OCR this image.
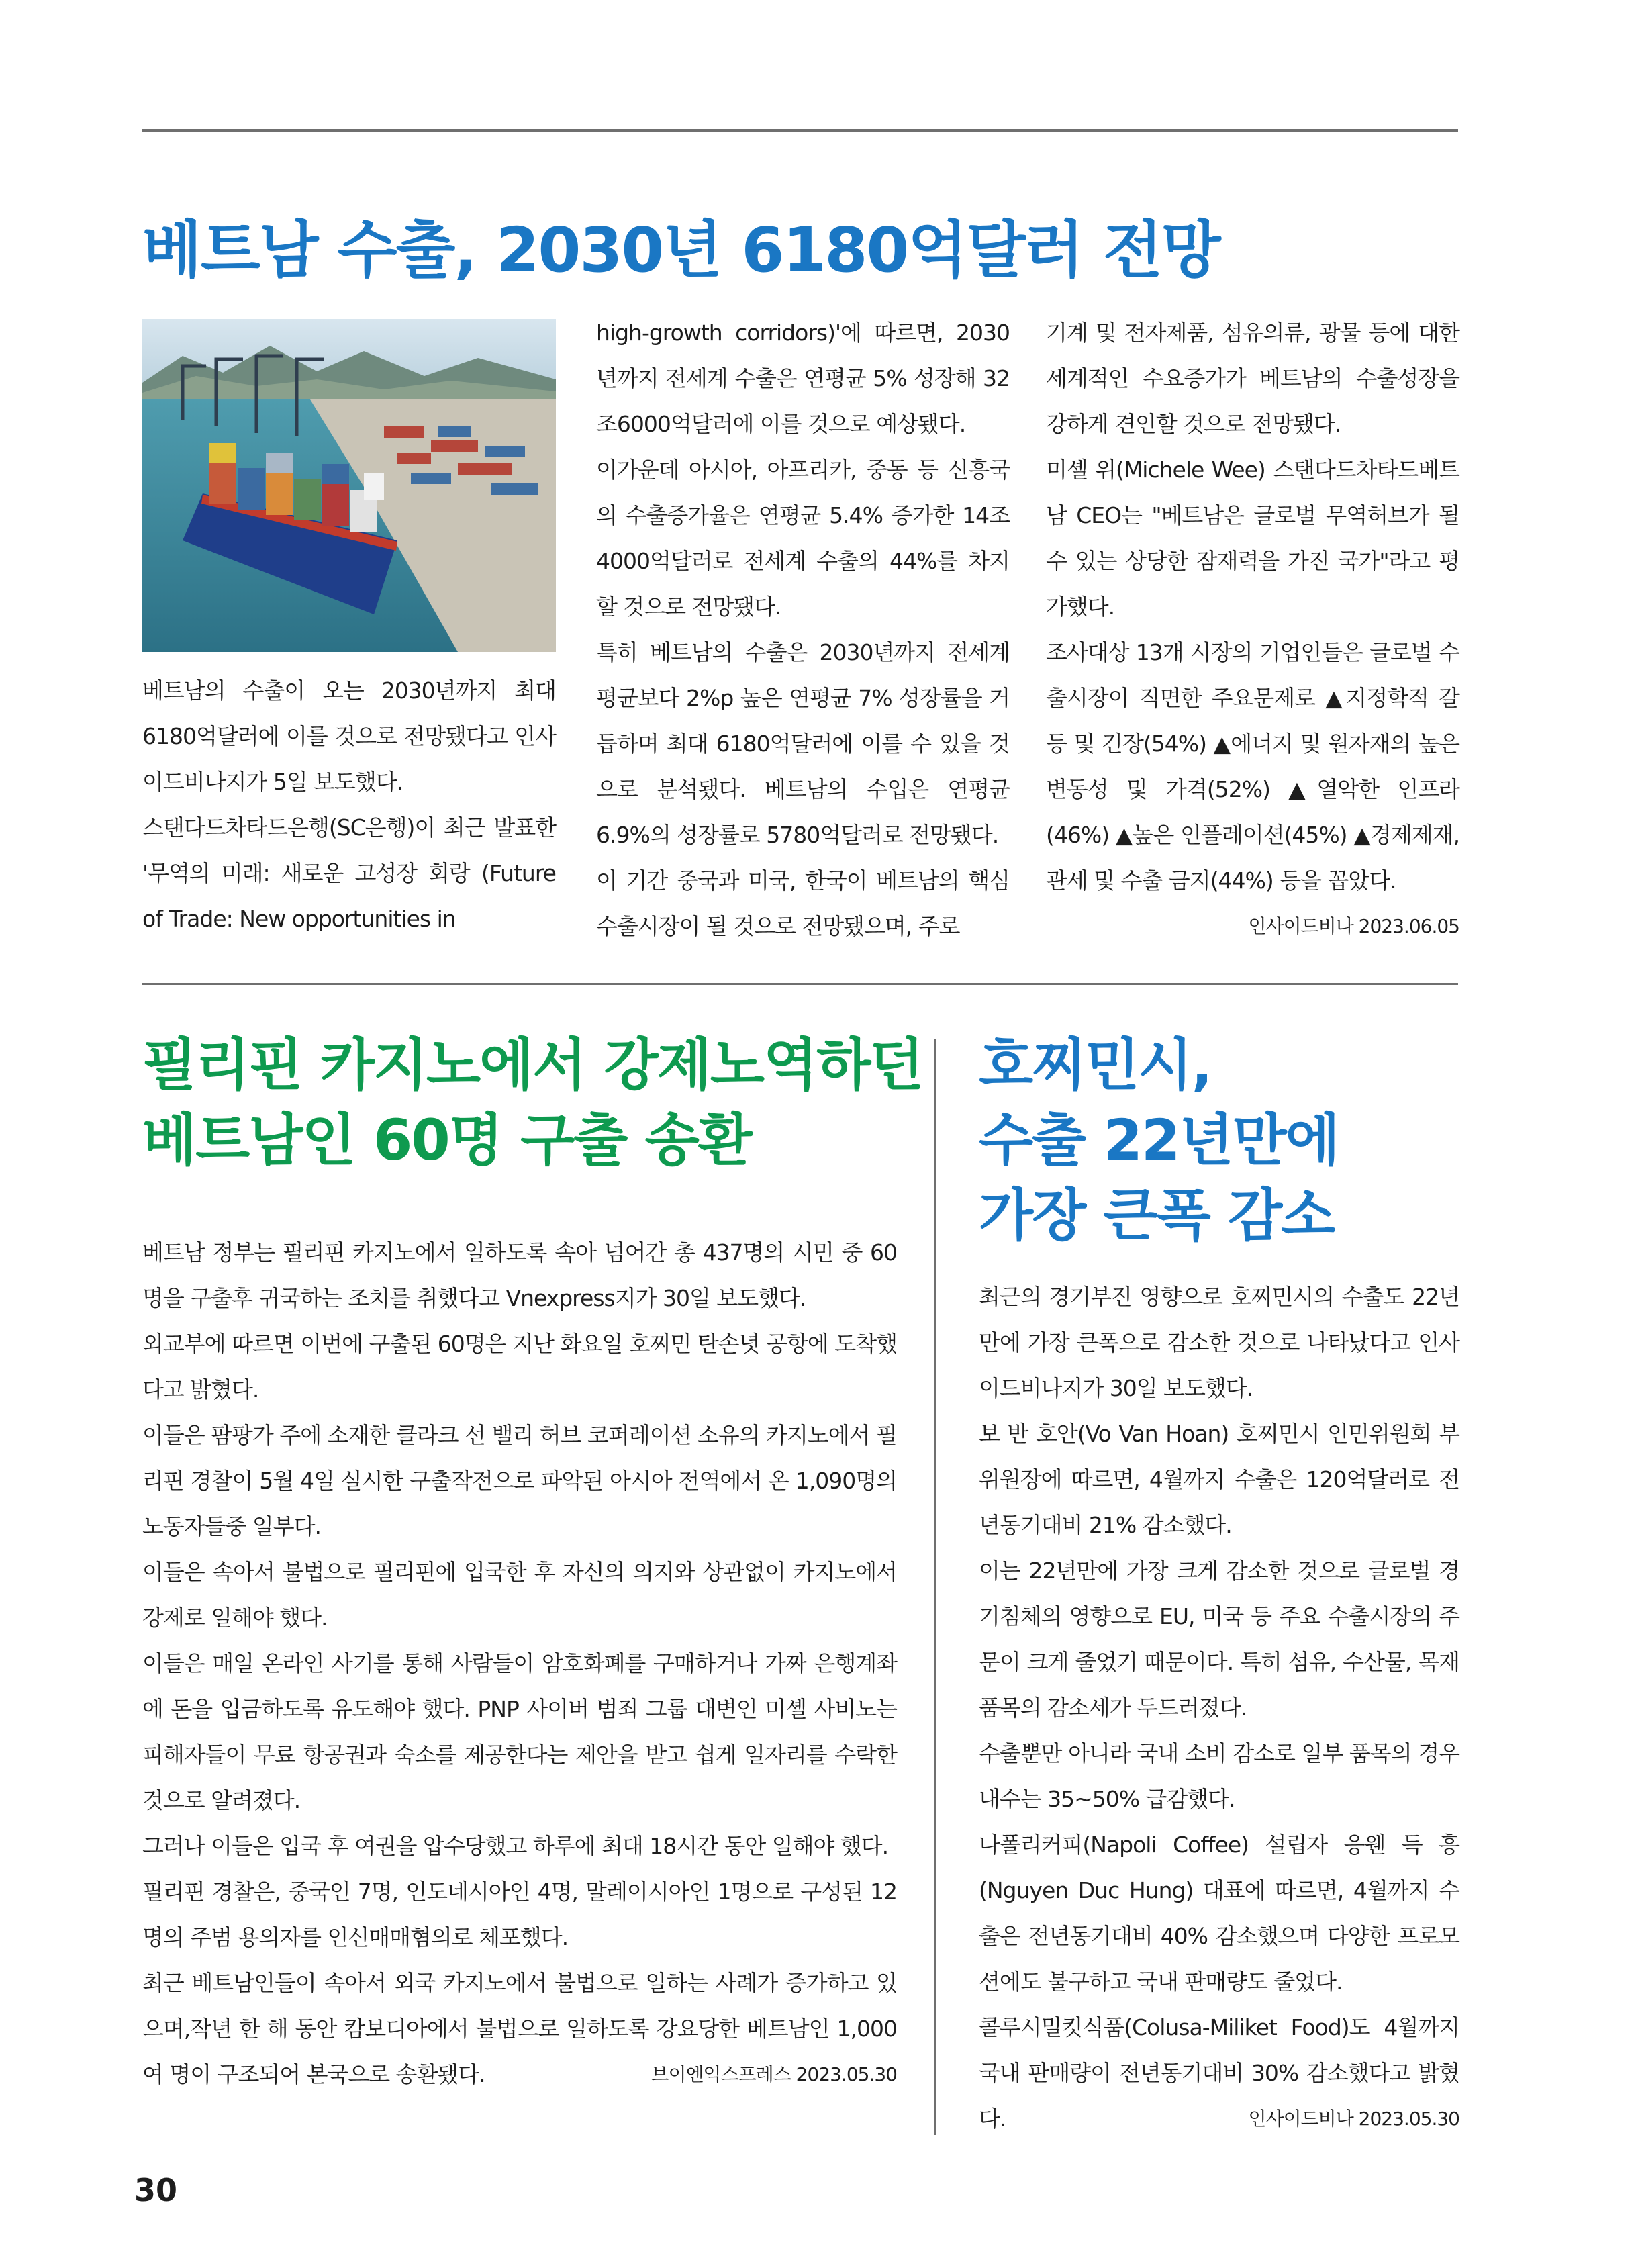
베트남 수출, 2030년 6180억달러 전망

베트남의 수출이 오는 2030년까지 최대 6180억달러에 이를 것으로 전망됐다고 인사이드비나지가 5일 보도했다.

스탠다드차타드은행(SC은행)이 최근 발표한 '무역의 미래: 새로운 고성장 회랑 (Future of Trade: New opportunities in

high-growth corridors)'에 따르면, 2030년까지 전세계 수출은 연평균 5% 성장해 32조6000억달러에 이를 것으로 예상됐다.

이가운데 아시아, 아프리카, 중동 등 신흥국의 수출증가율은 연평균 5.4% 증가한 14조4000억달러로 전세계 수출의 44%를 차지할 것으로 전망됐다.

특히 베트남의 수출은 2030년까지 전세계 평균보다 2%p 높은 연평균 7% 성장률을 거듭하며 최대 6180억달러에 이를 수 있을 것으로 분석됐다. 베트남의 수입은 연평균 6.9%의 성장률로 5780억달러로 전망됐다.

이 기간 중국과 미국, 한국이 베트남의 핵심 수출시장이 될 것으로 전망됐으며, 주로

기계 및 전자제품, 섬유의류, 광물 등에 대한 세계적인 수요증가가 베트남의 수출성장을 강하게 견인할 것으로 전망됐다.

미셸 위(Michele Wee) 스탠다드차타드베트남 CEO는 "베트남은 글로벌 무역허브가 될 수 있는 상당한 잠재력을 가진 국가"라고 평가했다.

조사대상 13개 시장의 기업인들은 글로벌 수출시장이 직면한 주요문제로 ▲지정학적 갈등 및 긴장(54%) ▲에너지 및 원자재의 높은 변동성 및 가격(52%) ▲열악한 인프라(46%) ▲높은 인플레이션(45%) ▲경제제재, 관세 및 수출 금지(44%) 등을 꼽았다.
인사이드비나 2023.06.05

필리핀 카지노에서 강제노역하던
베트남인 60명 구출 송환

베트남 정부는 필리핀 카지노에서 일하도록 속아 넘어간 총 437명의 시민 중 60명을 구출후 귀국하는 조치를 취했다고 Vnexpress지가 30일 보도했다.

외교부에 따르면 이번에 구출된 60명은 지난 화요일 호찌민 탄손녓 공항에 도착했다고 밝혔다.

이들은 팜팡가 주에 소재한 클라크 선 밸리 허브 코퍼레이션 소유의 카지노에서 필리핀 경찰이 5월 4일 실시한 구출작전으로 파악된 아시아 전역에서 온 1,090명의 노동자들중 일부다.

이들은 속아서 불법으로 필리핀에 입국한 후 자신의 의지와 상관없이 카지노에서 강제로 일해야 했다.

이들은 매일 온라인 사기를 통해 사람들이 암호화폐를 구매하거나 가짜 은행계좌에 돈을 입금하도록 유도해야 했다. PNP 사이버 범죄 그룹 대변인 미셸 사비노는 피해자들이 무료 항공권과 숙소를 제공한다는 제안을 받고 쉽게 일자리를 수락한 것으로 알려졌다.

그러나 이들은 입국 후 여권을 압수당했고 하루에 최대 18시간 동안 일해야 했다.

필리핀 경찰은, 중국인 7명, 인도네시아인 4명, 말레이시아인 1명으로 구성된 12명의 주범 용의자를 인신매매혐의로 체포했다.

최근 베트남인들이 속아서 외국 카지노에서 불법으로 일하는 사례가 증가하고 있으며,작년 한 해 동안 캄보디아에서 불법으로 일하도록 강요당한 베트남인 1,000여 명이 구조되어 본국으로 송환됐다.	브이엔익스프레스 2023.05.30

호찌민시,
수출 22년만에
가장 큰폭 감소

최근의 경기부진 영향으로 호찌민시의 수출도 22년만에 가장 큰폭으로 감소한 것으로 나타났다고 인사이드비나지가 30일 보도했다.

보 반 호안(Vo Van Hoan) 호찌민시 인민위원회 부위원장에 따르면, 4월까지 수출은 120억달러로 전년동기대비 21% 감소했다.

이는 22년만에 가장 크게 감소한 것으로 글로벌 경기침체의 영향으로 EU, 미국 등 주요 수출시장의 주문이 크게 줄었기 때문이다. 특히 섬유, 수산물, 목재 품목의 감소세가 두드러졌다.

수출뿐만 아니라 국내 소비 감소로 일부 품목의 경우 내수는 35~50% 급감했다.

나폴리커피(Napoli Coffee) 설립자 응웬 득 흥(Nguyen Duc Hung) 대표에 따르면, 4월까지 수출은 전년동기대비 40% 감소했으며 다양한 프로모션에도 불구하고 국내 판매량도 줄었다.

콜루시밀킷식품(Colusa-Miliket Food)도 4월까지 국내 판매량이 전년동기대비 30% 감소했다고 밝혔다.	인사이드비나 2023.05.30

30
